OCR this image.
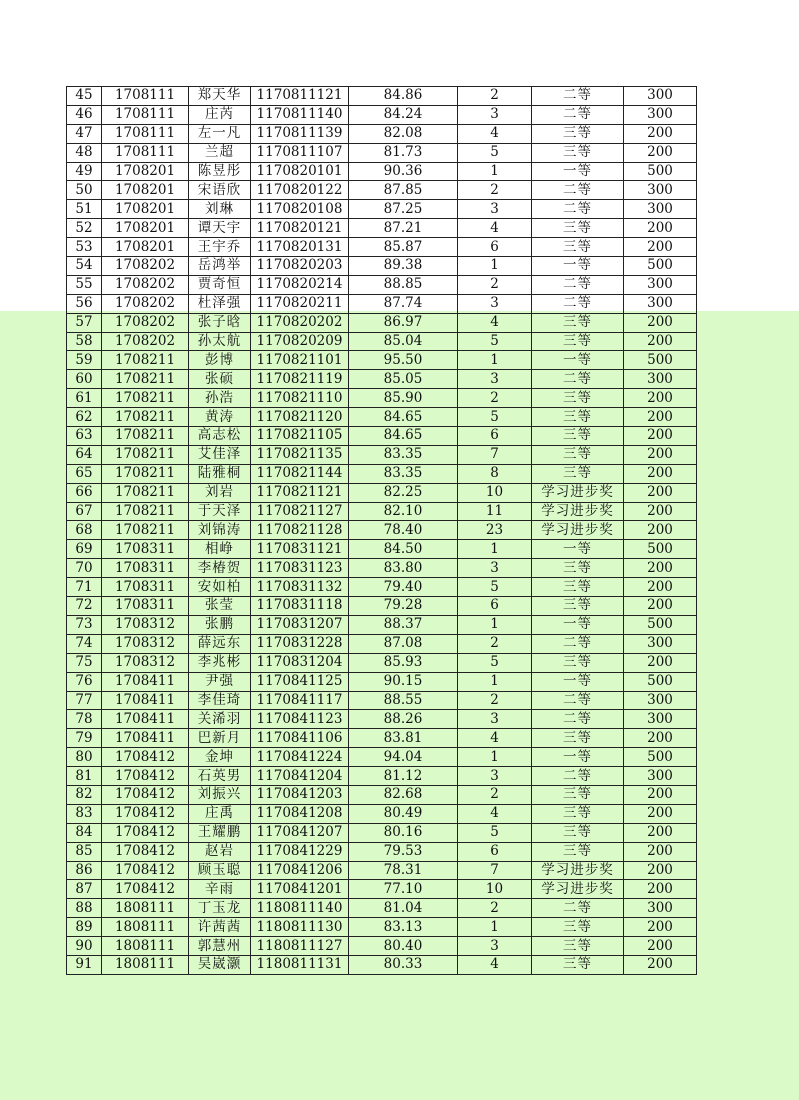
45	1708111	郑天华	1170811121	84.86	2	二等	300
46	1708111	庄芮	1170811140	84.24	3	二等	300
47	1708111	左一凡	1170811139	82.08	4	三等	200
48	1708111	兰超	1170811107	81.73	5	三等	200
49	1708201	陈昱彤	1170820101	90.36	1	一等	500
50	1708201	宋语欣	1170820122	87.85	2	二等	300
51	1708201	刘琳	1170820108	87.25	3	二等	300
52	1708201	谭天宇	1170820121	87.21	4	三等	200
53	1708201	王宇乔	1170820131	85.87	6	三等	200
54	1708202	岳鸿举	1170820203	89.38	1	一等	500
55	1708202	贾奇恒	1170820214	88.85	2	二等	300
56	1708202	杜泽强	1170820211	87.74	3	二等	300
57	1708202	张子晗	1170820202	86.97	4	三等	200
58	1708202	孙太航	1170820209	85.04	5	三等	200
59	1708211	彭博	1170821101	95.50	1	一等	500
60	1708211	张硕	1170821119	85.05	3	二等	300
61	1708211	孙浩	1170821110	85.90	2	三等	200
62	1708211	黄涛	1170821120	84.65	5	三等	200
63	1708211	高志松	1170821105	84.65	6	三等	200
64	1708211	艾佳泽	1170821135	83.35	7	三等	200
65	1708211	陆雅桐	1170821144	83.35	8	三等	200
66	1708211	刘岩	1170821121	82.25	10	学习进步奖	200
67	1708211	于天泽	1170821127	82.10	11	学习进步奖	200
68	1708211	刘锦涛	1170821128	78.40	23	学习进步奖	200
69	1708311	相峥	1170831121	84.50	1	一等	500
70	1708311	李椿贺	1170831123	83.80	3	三等	200
71	1708311	安如柏	1170831132	79.40	5	三等	200
72	1708311	张莹	1170831118	79.28	6	三等	200
73	1708312	张鹏	1170831207	88.37	1	一等	500
74	1708312	薛远东	1170831228	87.08	2	二等	300
75	1708312	李兆彬	1170831204	85.93	5	三等	200
76	1708411	尹强	1170841125	90.15	1	一等	500
77	1708411	李佳琦	1170841117	88.55	2	二等	300
78	1708411	关浠羽	1170841123	88.26	3	二等	300
79	1708411	巴新月	1170841106	83.81	4	三等	200
80	1708412	金坤	1170841224	94.04	1	一等	500
81	1708412	石英男	1170841204	81.12	3	二等	300
82	1708412	刘振兴	1170841203	82.68	2	三等	200
83	1708412	庄禹	1170841208	80.49	4	三等	200
84	1708412	王耀鹏	1170841207	80.16	5	三等	200
85	1708412	赵岩	1170841229	79.53	6	三等	200
86	1708412	顾玉聪	1170841206	78.31	7	学习进步奖	200
87	1708412	辛雨	1170841201	77.10	10	学习进步奖	200
88	1808111	丁玉龙	1180811140	81.04	2	二等	300
89	1808111	许茜茜	1180811130	83.13	1	三等	200
90	1808111	郭慧州	1180811127	80.40	3	三等	200
91	1808111	吴崴灏	1180811131	80.33	4	三等	200
